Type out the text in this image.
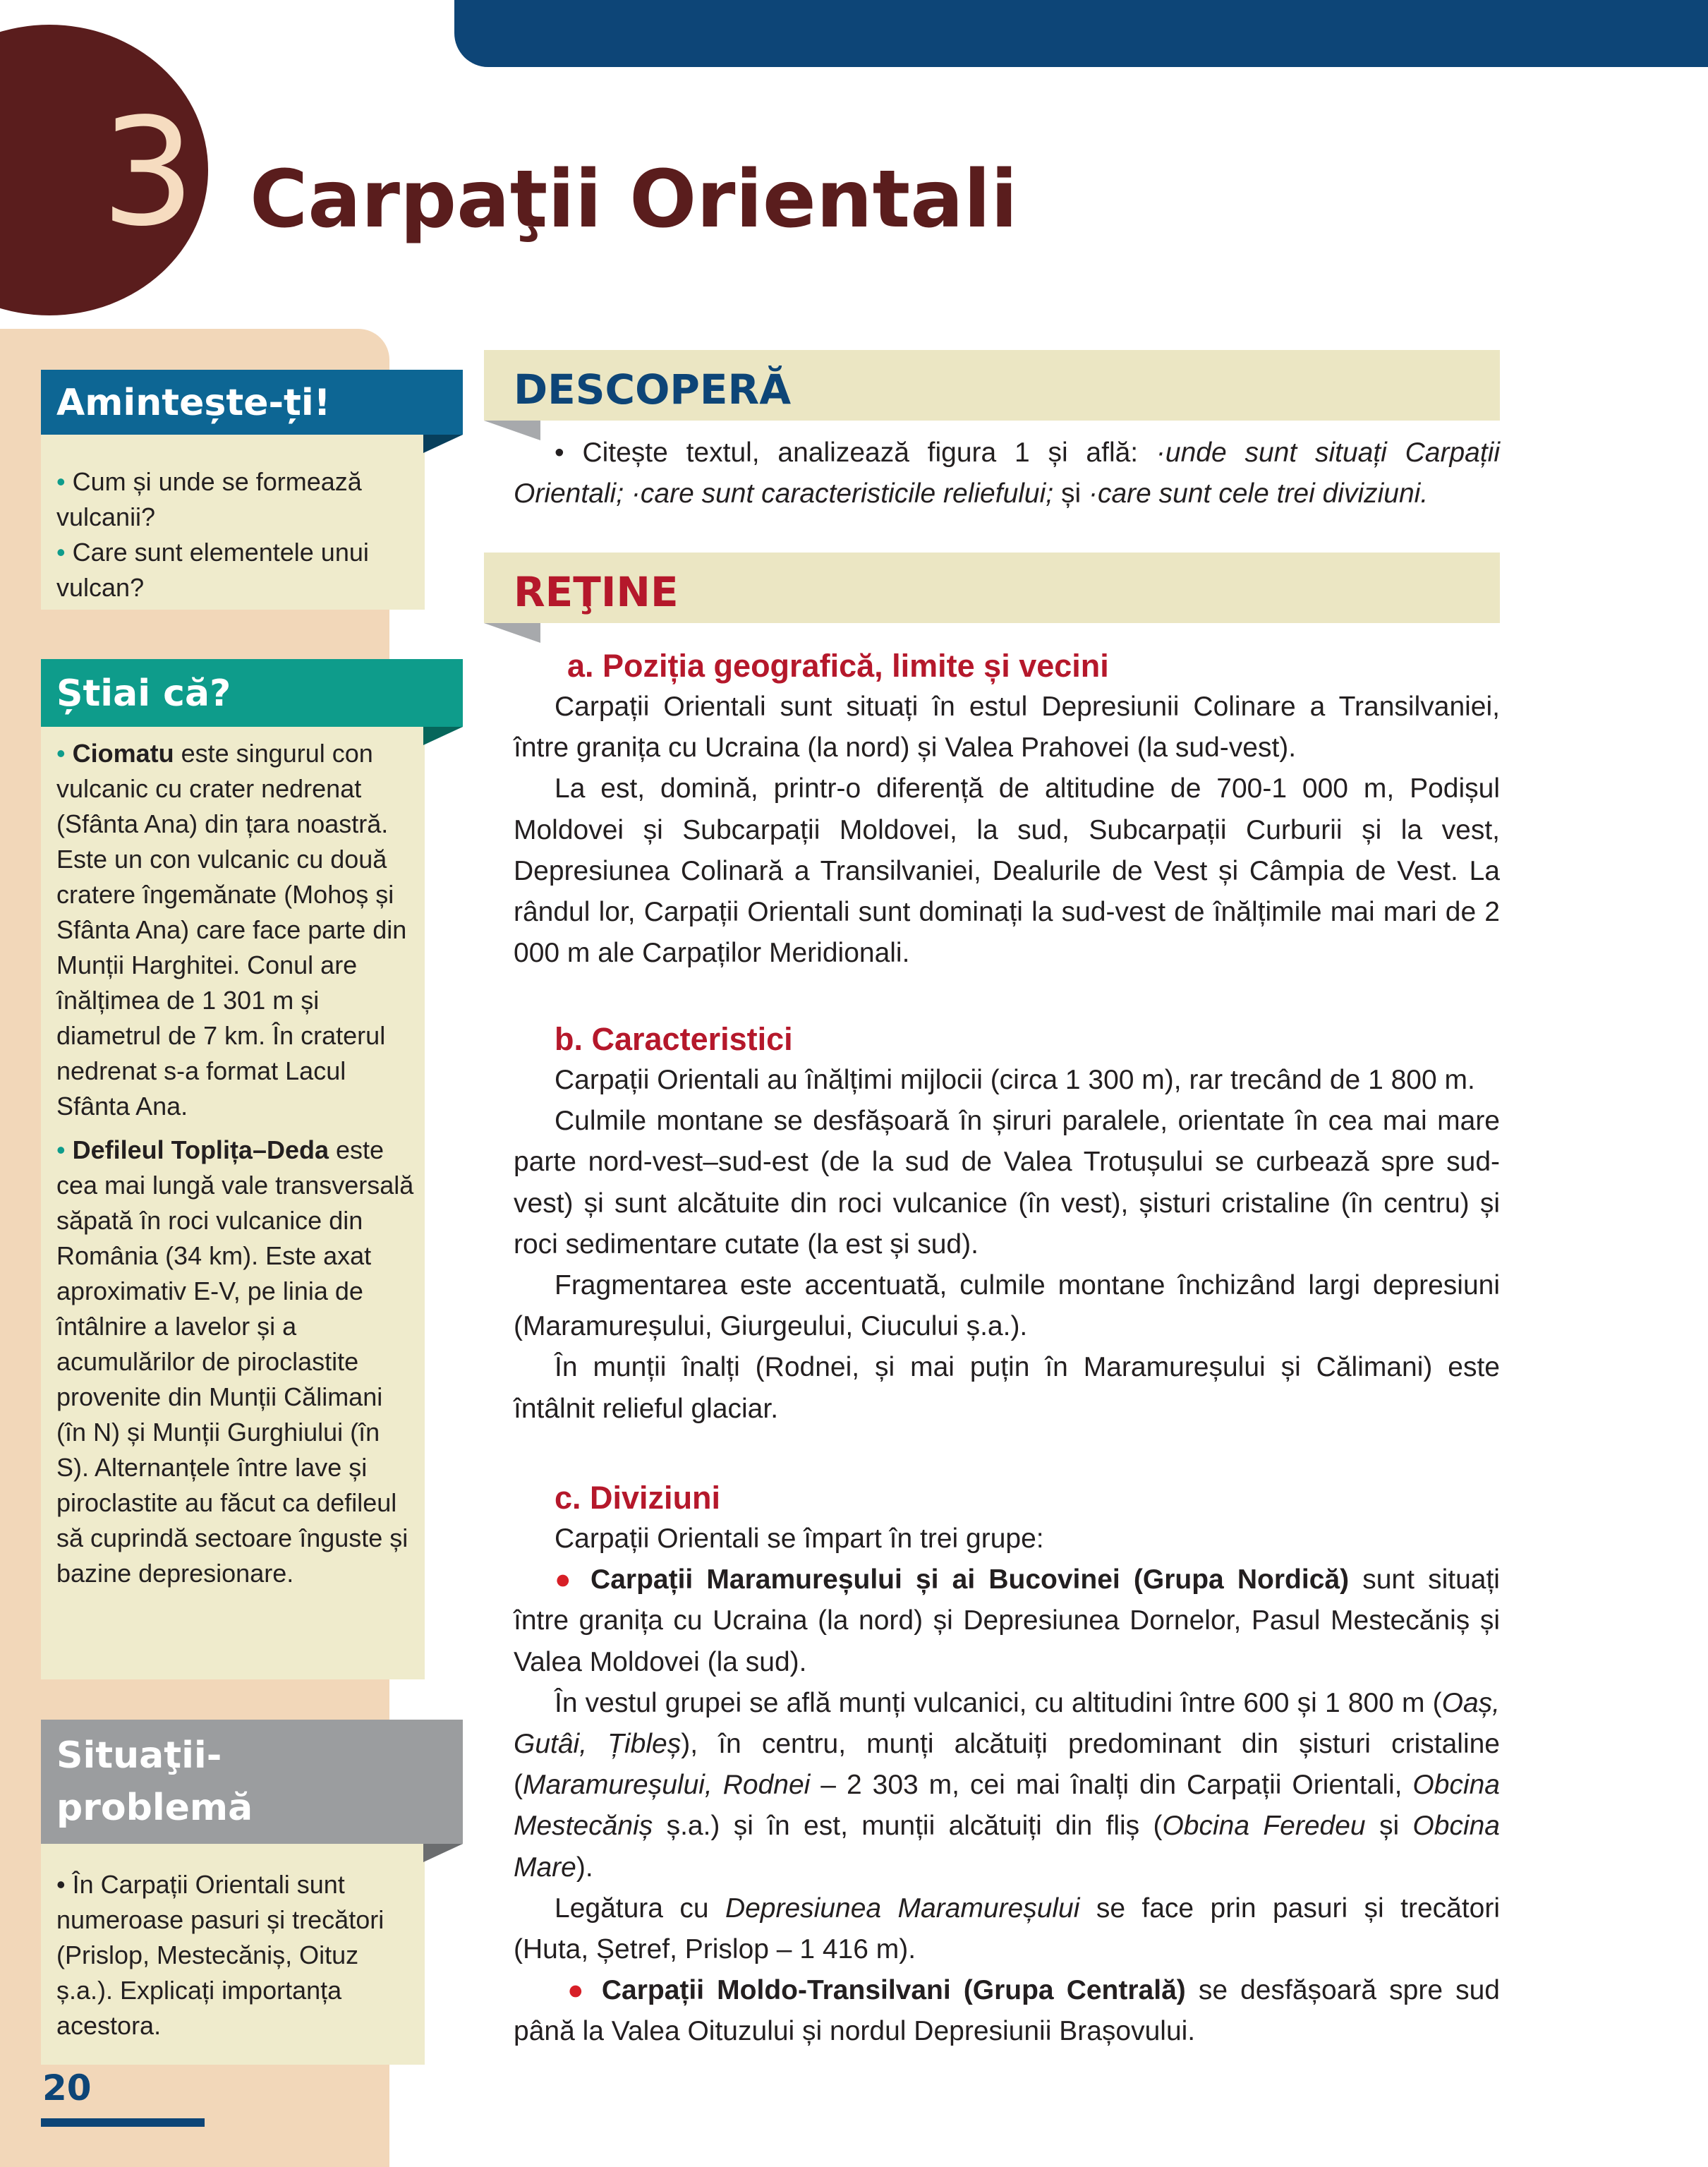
3 Carpaţii Orientali
Amintește-ți!

• Cum și unde se formează vulcanii?

• Care sunt elementele unui vulcan?

Știai că?

• Ciomatu este singurul con vulcanic cu crater nedrenat (Sfânta Ana) din țara noastră. Este un con vulcanic cu două cratere îngemănate (Mohoș și Sfânta Ana) care face parte din Munții Harghitei. Conul are înălțimea de 1 301 m și diametrul de 7 km. În craterul nedrenat s-a format Lacul Sfânta Ana.

• Defileul Toplița–Deda este cea mai lungă vale transversală săpată în roci vulcanice din România (34 km). Este axat aproximativ E-V, pe linia de întâlnire a lavelor și a acumulărilor de piroclastite provenite din Munții Călimani (în N) și Munții Gurghiului (în S). Alternanțele între lave și piroclastite au făcut ca defileul să cuprindă sectoare înguste și bazine depresionare.

Situaţii-
problemă

• În Carpații Orientali sunt numeroase pasuri și trecători (Prislop, Mestecăniș, Oituz ș.a.). Explicați importanța acestora.

20
DESCOPERĂ

• Citește textul, analizează figura 1 și află: ·unde sunt situați Carpații Orientali; ·care sunt caracteristicile reliefului; și ·care sunt cele trei diviziuni.

REŢINE

a. Poziția geografică, limite și vecini

Carpații Orientali sunt situați în estul Depresiunii Colinare a Transilvaniei, între granița cu Ucraina (la nord) și Valea Prahovei (la sud-vest).

La est, domină, printr-o diferență de altitudine de 700-1 000 m, Podișul Moldovei și Subcarpații Moldovei, la sud, Subcarpații Curburii și la vest, Depresiunea Colinară a Transilvaniei, Dealurile de Vest și Câmpia de Vest. La rândul lor, Carpații Orientali sunt dominați la sud-vest de înălțimile mai mari de 2 000 m ale Carpaților Meridionali.

b. Caracteristici

Carpații Orientali au înălțimi mijlocii (circa 1 300 m), rar trecând de 1 800 m.

Culmile montane se desfășoară în șiruri paralele, orientate în cea mai mare parte nord-vest–sud-est (de la sud de Valea Trotușului se curbează spre sud-vest) și sunt alcătuite din roci vulcanice (în vest), șisturi cristaline (în centru) și roci sedimentare cutate (la est și sud).

Fragmentarea este accentuată, culmile montane închizând largi depresiuni (Maramureșului, Giurgeului, Ciucului ș.a.).

În munții înalți (Rodnei, și mai puțin în Maramureșului și Călimani) este întâlnit relieful glaciar.

c. Diviziuni

Carpații Orientali se împart în trei grupe:

● Carpații Maramureșului și ai Bucovinei (Grupa Nordică) sunt situați între granița cu Ucraina (la nord) și Depresiunea Dornelor, Pasul Mestecăniș și Valea Moldovei (la sud).

În vestul grupei se află munți vulcanici, cu altitudini între 600 și 1 800 m (Oaș, Gutâi, Țibleș), în centru, munți alcătuiți predominant din șisturi cristaline (Maramureșului, Rodnei – 2 303 m, cei mai înalți din Carpații Orientali, Obcina Mestecăniș ș.a.) și în est, munții alcătuiți din fliș (Obcina Feredeu și Obcina Mare).

Legătura cu Depresiunea Maramureșului se face prin pasuri și trecători (Huta, Șetref, Prislop – 1 416 m).

● Carpații Moldo-Transilvani (Grupa Centrală) se desfășoară spre sud până la Valea Oituzului și nordul Depresiunii Brașovului.
